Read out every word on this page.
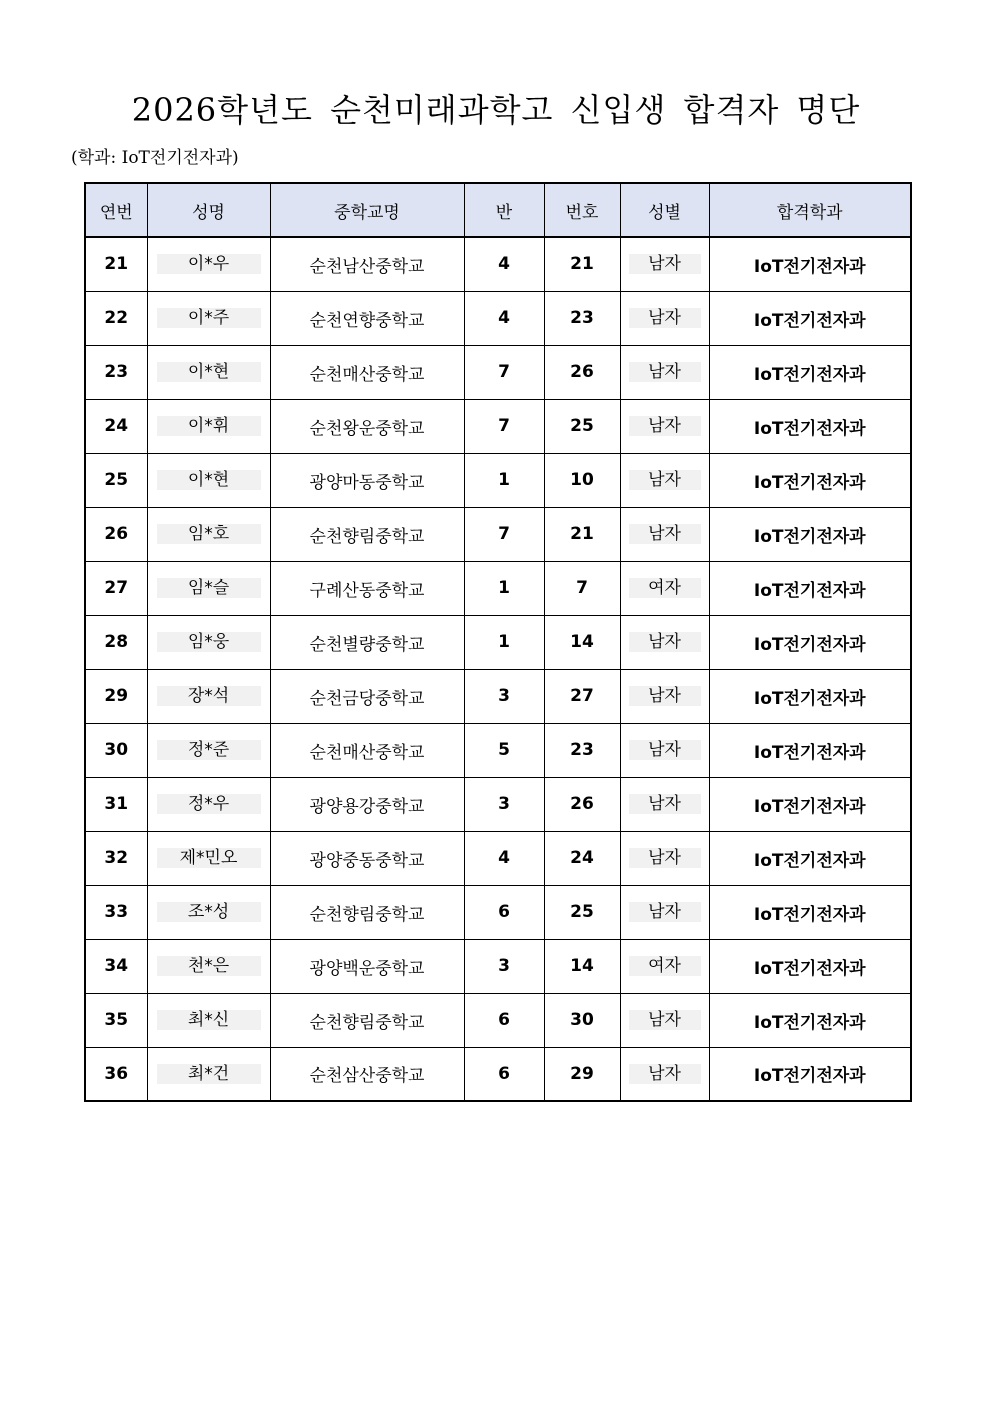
2026학년도 순천미래과학고 신입생 합격자 명단
(학과: IoT전기전자과)
연번	성명	중학교명	반	번호	성별	합격학과
21	이*우	순천남산중학교	4	21	남자	IoT전기전자과
22	이*주	순천연향중학교	4	23	남자	IoT전기전자과
23	이*현	순천매산중학교	7	26	남자	IoT전기전자과
24	이*휘	순천왕운중학교	7	25	남자	IoT전기전자과
25	이*현	광양마동중학교	1	10	남자	IoT전기전자과
26	임*호	순천향림중학교	7	21	남자	IoT전기전자과
27	임*슬	구례산동중학교	1	7	여자	IoT전기전자과
28	임*웅	순천별량중학교	1	14	남자	IoT전기전자과
29	장*석	순천금당중학교	3	27	남자	IoT전기전자과
30	정*준	순천매산중학교	5	23	남자	IoT전기전자과
31	정*우	광양용강중학교	3	26	남자	IoT전기전자과
32	제*민오	광양중동중학교	4	24	남자	IoT전기전자과
33	조*성	순천향림중학교	6	25	남자	IoT전기전자과
34	천*은	광양백운중학교	3	14	여자	IoT전기전자과
35	최*신	순천향림중학교	6	30	남자	IoT전기전자과
36	최*건	순천삼산중학교	6	29	남자	IoT전기전자과
